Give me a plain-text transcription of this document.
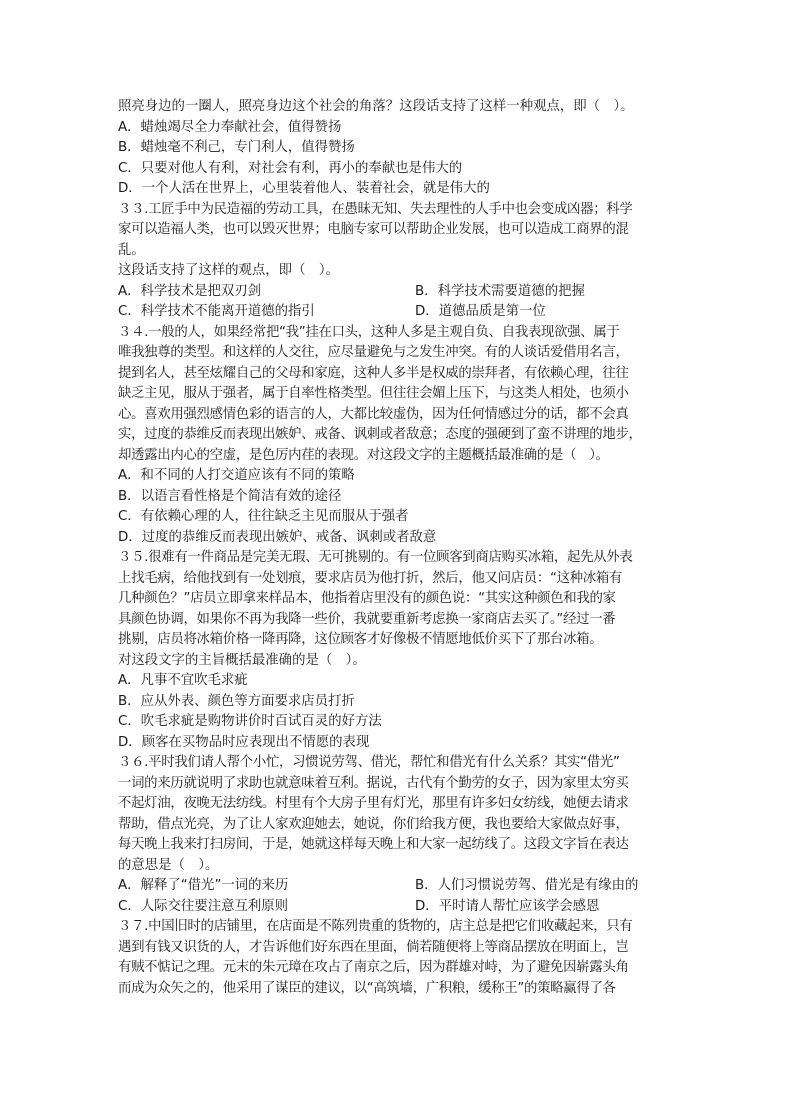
照亮身边的一圈人，照亮身边这个社会的角落？这段话支持了这样一种观点，即（　）。
A．蜡烛竭尽全力奉献社会，值得赞扬
B．蜡烛毫不利己，专门利人，值得赞扬
C．只要对他人有利，对社会有利，再小的奉献也是伟大的
D．一个人活在世界上，心里装着他人、装着社会，就是伟大的
３３.工匠手中为民造福的劳动工具，在愚昧无知、失去理性的人手中也会变成凶器；科学
家可以造福人类，也可以毁灭世界；电脑专家可以帮助企业发展，也可以造成工商界的混
乱。
这段话支持了这样的观点，即（　）。
A．科学技术是把双刃剑	B．科学技术需要道德的把握
C．科学技术不能离开道德的指引	D．道德品质是第一位
３４.一般的人，如果经常把“我”挂在口头，这种人多是主观自负、自我表现欲强、属于
唯我独尊的类型。和这样的人交往，应尽量避免与之发生冲突。有的人谈话爱借用名言，
提到名人，甚至炫耀自己的父母和家庭，这种人多半是权威的崇拜者，有依赖心理，往往
缺乏主见，服从于强者，属于自率性格类型。但往往会媚上压下，与这类人相处，也须小
心。喜欢用强烈感情色彩的语言的人，大都比较虚伪，因为任何情感过分的话，都不会真
实，过度的恭维反而表现出嫉妒、戒备、讽刺或者敌意；态度的强硬到了蛮不讲理的地步，
却透露出内心的空虚，是色厉内荏的表现。对这段文字的主题概括最准确的是（　）。
A．和不同的人打交道应该有不同的策略
B．以语言看性格是个简洁有效的途径
C．有依赖心理的人，往往缺乏主见而服从于强者
D．过度的恭维反而表现出嫉妒、戒备、讽刺或者敌意
３５.很难有一件商品是完美无瑕、无可挑剔的。有一位顾客到商店购买冰箱，起先从外表
上找毛病，给他找到有一处划痕，要求店员为他打折，然后，他又问店员：“这种冰箱有
几种颜色？”店员立即拿来样品本，他指着店里没有的颜色说：“其实这种颜色和我的家
具颜色协调，如果你不再为我降一些价，我就要重新考虑换一家商店去买了。”经过一番
挑剔，店员将冰箱价格一降再降，这位顾客才好像极不情愿地低价买下了那台冰箱。
对这段文字的主旨概括最准确的是（　）。
A．凡事不宜吹毛求疵
B．应从外表、颜色等方面要求店员打折
C．吹毛求疵是购物讲价时百试百灵的好方法
D．顾客在买物品时应表现出不情愿的表现
３６.平时我们请人帮个小忙，习惯说劳驾、借光，帮忙和借光有什么关系？其实“借光”
一词的来历就说明了求助也就意味着互利。据说，古代有个勤劳的女子，因为家里太穷买
不起灯油，夜晚无法纺线。村里有个大房子里有灯光，那里有许多妇女纺线，她便去请求
帮助，借点光亮，为了让人家欢迎她去，她说，你们给我方便，我也要给大家做点好事，
每天晚上我来打扫房间，于是，她就这样每天晚上和大家一起纺线了。这段文字旨在表达
的意思是（　）。
A．解释了“借光”一词的来历	B．人们习惯说劳驾、借光是有缘由的
C．人际交往要注意互利原则	D．平时请人帮忙应该学会感恩
３７.中国旧时的店铺里，在店面是不陈列贵重的货物的，店主总是把它们收藏起来，只有
遇到有钱又识货的人，才告诉他们好东西在里面，倘若随便将上等商品摆放在明面上，岂
有贼不惦记之理。元末的朱元璋在攻占了南京之后，因为群雄对峙，为了避免因崭露头角
而成为众矢之的，他采用了谋臣的建议，以“高筑墙，广积粮，缓称王”的策略赢得了各
